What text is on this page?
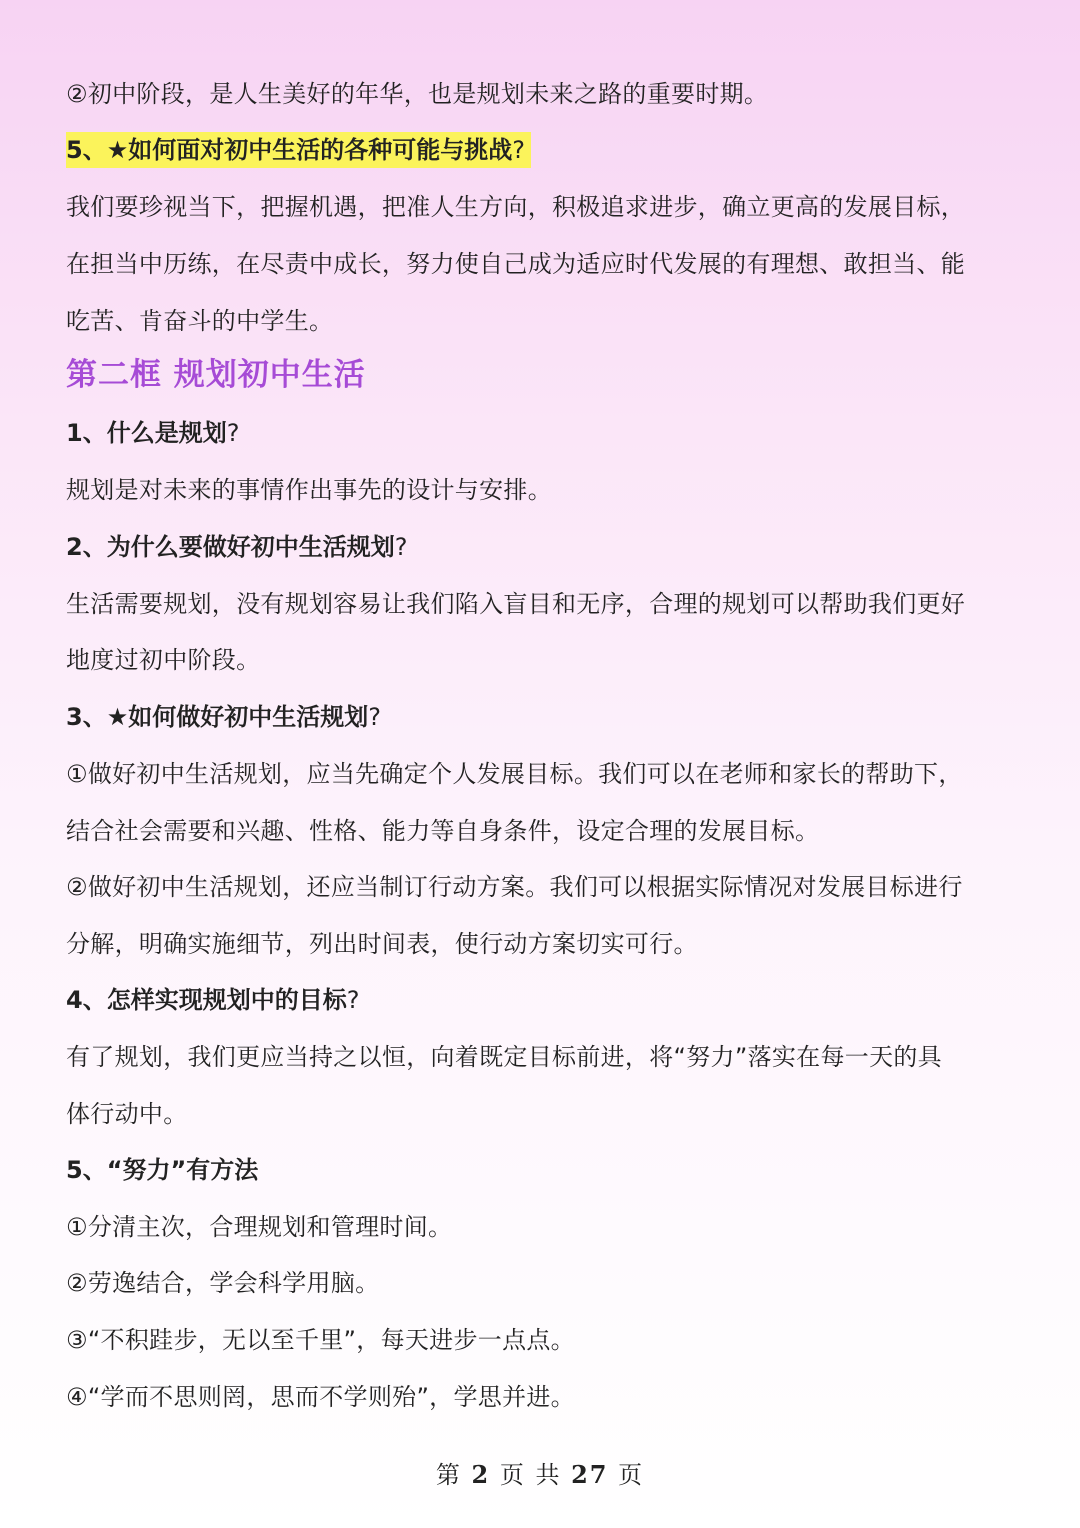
②初中阶段，是人生美好的年华，也是规划未来之路的重要时期。
5、★如何面对初中生活的各种可能与挑战?
我们要珍视当下，把握机遇，把准人生方向，积极追求进步，确立更高的发展目标，
在担当中历练，在尽责中成长，努力使自己成为适应时代发展的有理想、敢担当、能
吃苦、肯奋斗的中学生。
第二框 规划初中生活
1、什么是规划?
规划是对未来的事情作出事先的设计与安排。
2、为什么要做好初中生活规划?
生活需要规划，没有规划容易让我们陷入盲目和无序，合理的规划可以帮助我们更好
地度过初中阶段。
3、★如何做好初中生活规划?
①做好初中生活规划，应当先确定个人发展目标。我们可以在老师和家长的帮助下，
结合社会需要和兴趣、性格、能力等自身条件，设定合理的发展目标。
②做好初中生活规划，还应当制订行动方案。我们可以根据实际情况对发展目标进行
分解，明确实施细节，列出时间表，使行动方案切实可行。
4、怎样实现规划中的目标?
有了规划，我们更应当持之以恒，向着既定目标前进，将“努力”落实在每一天的具
体行动中。
5、“努力”有方法
①分清主次，合理规划和管理时间。
②劳逸结合，学会科学用脑。
③“不积跬步，无以至千里”，每天进步一点点。
④“学而不思则罔，思而不学则殆”，学思并进。
第 2 页 共 27 页
